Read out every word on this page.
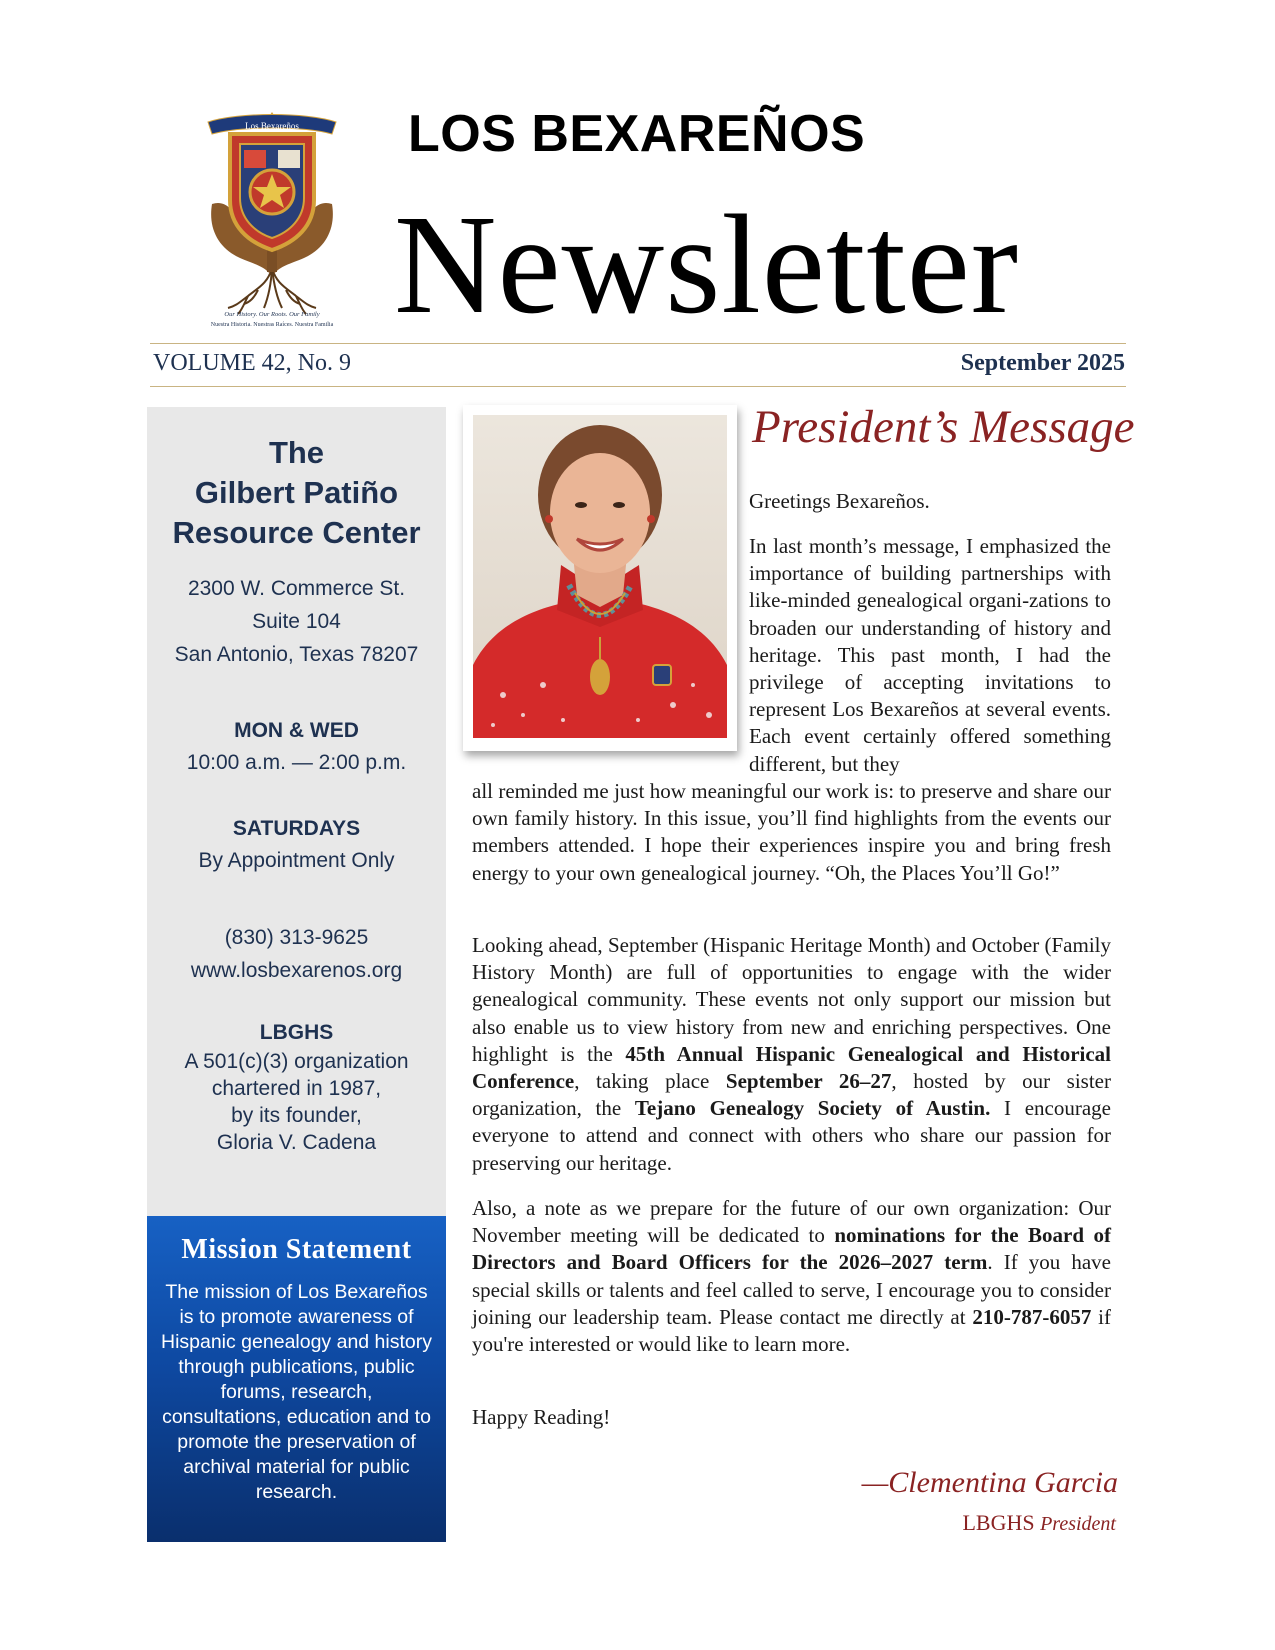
Los Bexareños
Our History. Our Roots. Our Family
Nuestra Historia. Nuestras Raíces. Nuestra Familia
LOS BEXAREÑOS
Newsletter
VOLUME 42, No. 9	September 2025
The
Gilbert Patiño
Resource Center
2300 W. Commerce St.
Suite 104
San Antonio, Texas 78207
MON & WED
10:00 a.m. — 2:00 p.m.
SATURDAYS
By Appointment Only
(830) 313-9625
www.losbexarenos.org
LBGHS
A 501(c)(3) organization
chartered in 1987,
by its founder,
Gloria V. Cadena
Mission Statement
The mission of Los Bexareños is to promote awareness of Hispanic genealogy and history through publications, public forums, research, consultations, education and to promote the preservation of archival material for public research.
President’s Message
Greetings Bexareños.
In last month’s message, I emphasized the importance of building partnerships with like-minded genealogical organi-zations to broaden our understanding of history and heritage. This past month, I had the privilege of accepting invitations to represent Los Bexareños at several events. Each event certainly offered something different, but they
all reminded me just how meaningful our work is: to preserve and share our own family history. In this issue, you’ll find highlights from the events our members attended. I hope their experiences inspire you and bring fresh energy to your own genealogical journey. “Oh, the Places You’ll Go!”
Looking ahead, September (Hispanic Heritage Month) and October (Family History Month) are full of opportunities to engage with the wider genealogical community. These events not only support our mission but also enable us to view history from new and enriching perspectives. One highlight is the 45th Annual Hispanic Genealogical and Historical Conference, taking place September 26–27, hosted by our sister organization, the Tejano Genealogy Society of Austin. I encourage everyone to attend and connect with others who share our passion for preserving our heritage.
Also, a note as we prepare for the future of our own organization: Our November meeting will be dedicated to nominations for the Board of Directors and Board Officers for the 2026–2027 term. If you have special skills or talents and feel called to serve, I encourage you to consider joining our leadership team. Please contact me directly at 210-787-6057 if you're interested or would like to learn more.
Happy Reading!
—Clementina Garcia
LBGHS President
